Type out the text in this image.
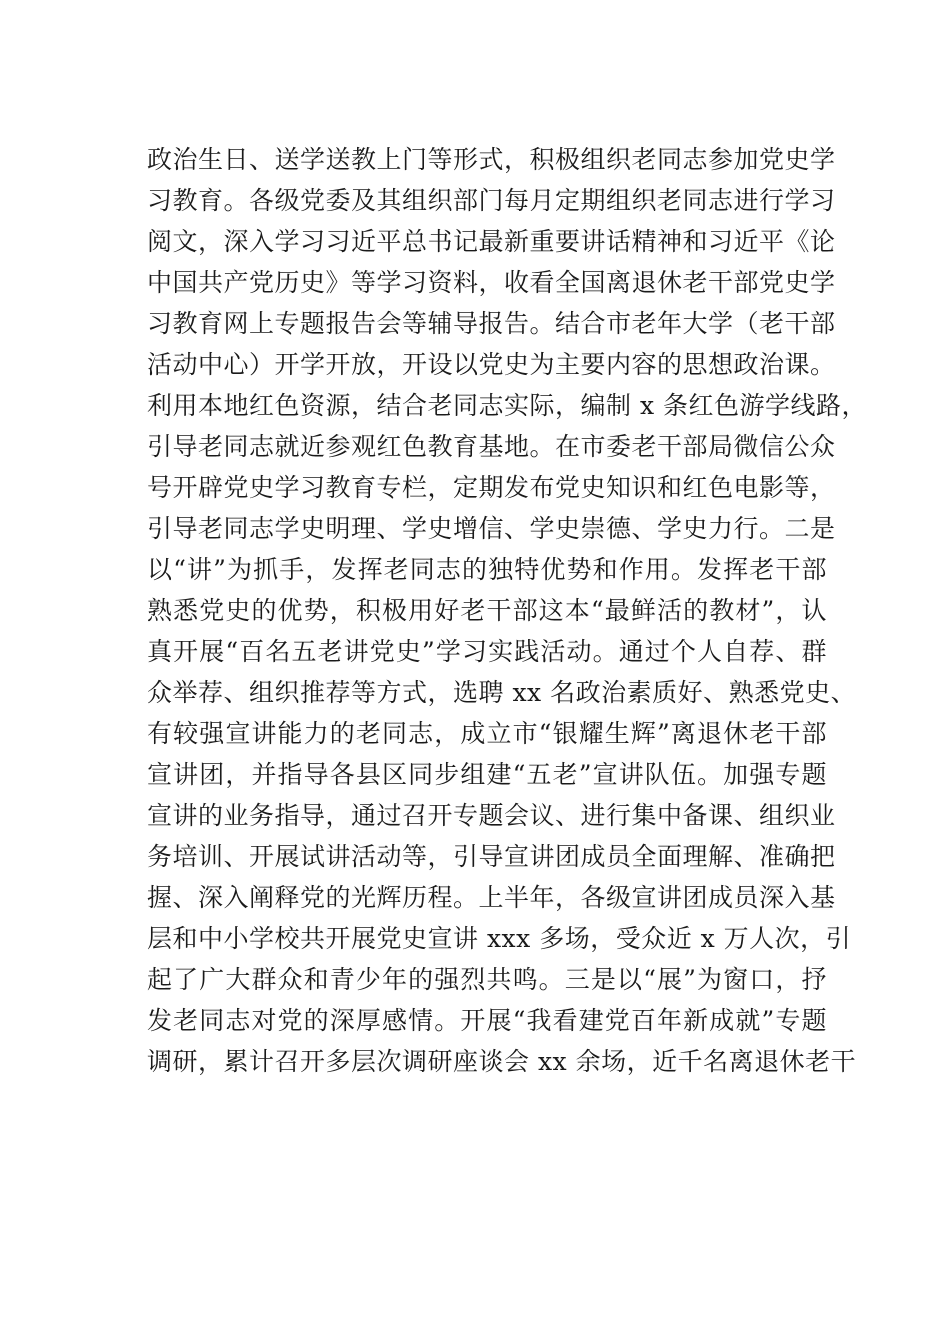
政治生日、送学送教上门等形式，积极组织老同志参加党史学
习教育。各级党委及其组织部门每月定期组织老同志进行学习
阅文，深入学习习近平总书记最新重要讲话精神和习近平《论
中国共产党历史》等学习资料，收看全国离退休老干部党史学
习教育网上专题报告会等辅导报告。结合市老年大学（老干部
活动中心）开学开放，开设以党史为主要内容的思想政治课。
利用本地红色资源，结合老同志实际，编制 x 条红色游学线路，
引导老同志就近参观红色教育基地。在市委老干部局微信公众
号开辟党史学习教育专栏，定期发布党史知识和红色电影等，
引导老同志学史明理、学史增信、学史崇德、学史力行。二是
以“讲”为抓手，发挥老同志的独特优势和作用。发挥老干部
熟悉党史的优势，积极用好老干部这本“最鲜活的教材”，认
真开展“百名五老讲党史”学习实践活动。通过个人自荐、群
众举荐、组织推荐等方式，选聘 xx 名政治素质好、熟悉党史、
有较强宣讲能力的老同志，成立市“银耀生辉”离退休老干部
宣讲团，并指导各县区同步组建“五老”宣讲队伍。加强专题
宣讲的业务指导，通过召开专题会议、进行集中备课、组织业
务培训、开展试讲活动等，引导宣讲团成员全面理解、准确把
握、深入阐释党的光辉历程。上半年，各级宣讲团成员深入基
层和中小学校共开展党史宣讲 xxx 多场，受众近 x 万人次，引
起了广大群众和青少年的强烈共鸣。三是以“展”为窗口，抒
发老同志对党的深厚感情。开展“我看建党百年新成就”专题
调研，累计召开多层次调研座谈会 xx 余场，近千名离退休老干
